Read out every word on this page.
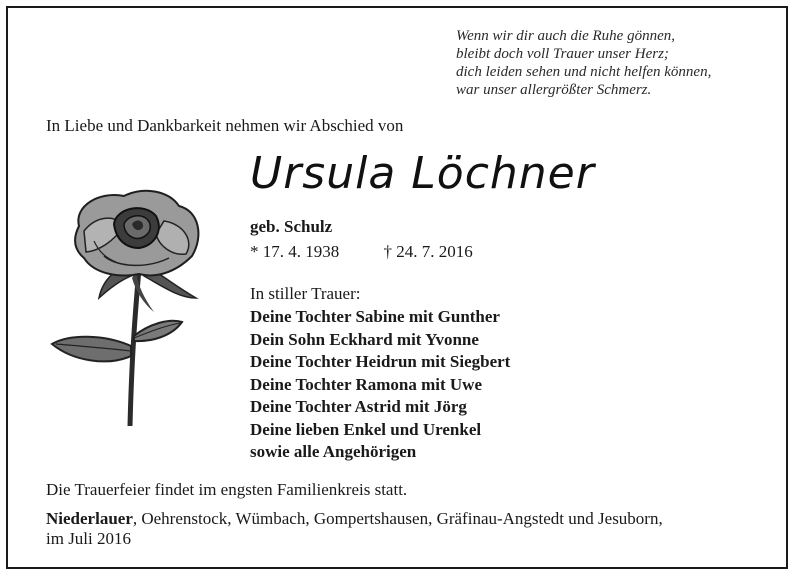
Wenn wir dir auch die Ruhe gönnen,
bleibt doch voll Trauer unser Herz;
dich leiden sehen und nicht helfen können,
war unser allergrößter Schmerz.
In Liebe und Dankbarkeit nehmen wir Abschied von
Ursula Löchner
geb. Schulz
* 17. 4. 1938	† 24. 7. 2016
In stiller Trauer:
Deine Tochter Sabine mit Gunther
Dein Sohn Eckhard mit Yvonne
Deine Tochter Heidrun mit Siegbert
Deine Tochter Ramona mit Uwe
Deine Tochter Astrid mit Jörg
Deine lieben Enkel und Urenkel
sowie alle Angehörigen
Die Trauerfeier findet im engsten Familienkreis statt.
Niederlauer, Oehrenstock, Wümbach, Gompertshausen, Gräfinau-Angstedt und Jesuborn,
im Juli 2016
